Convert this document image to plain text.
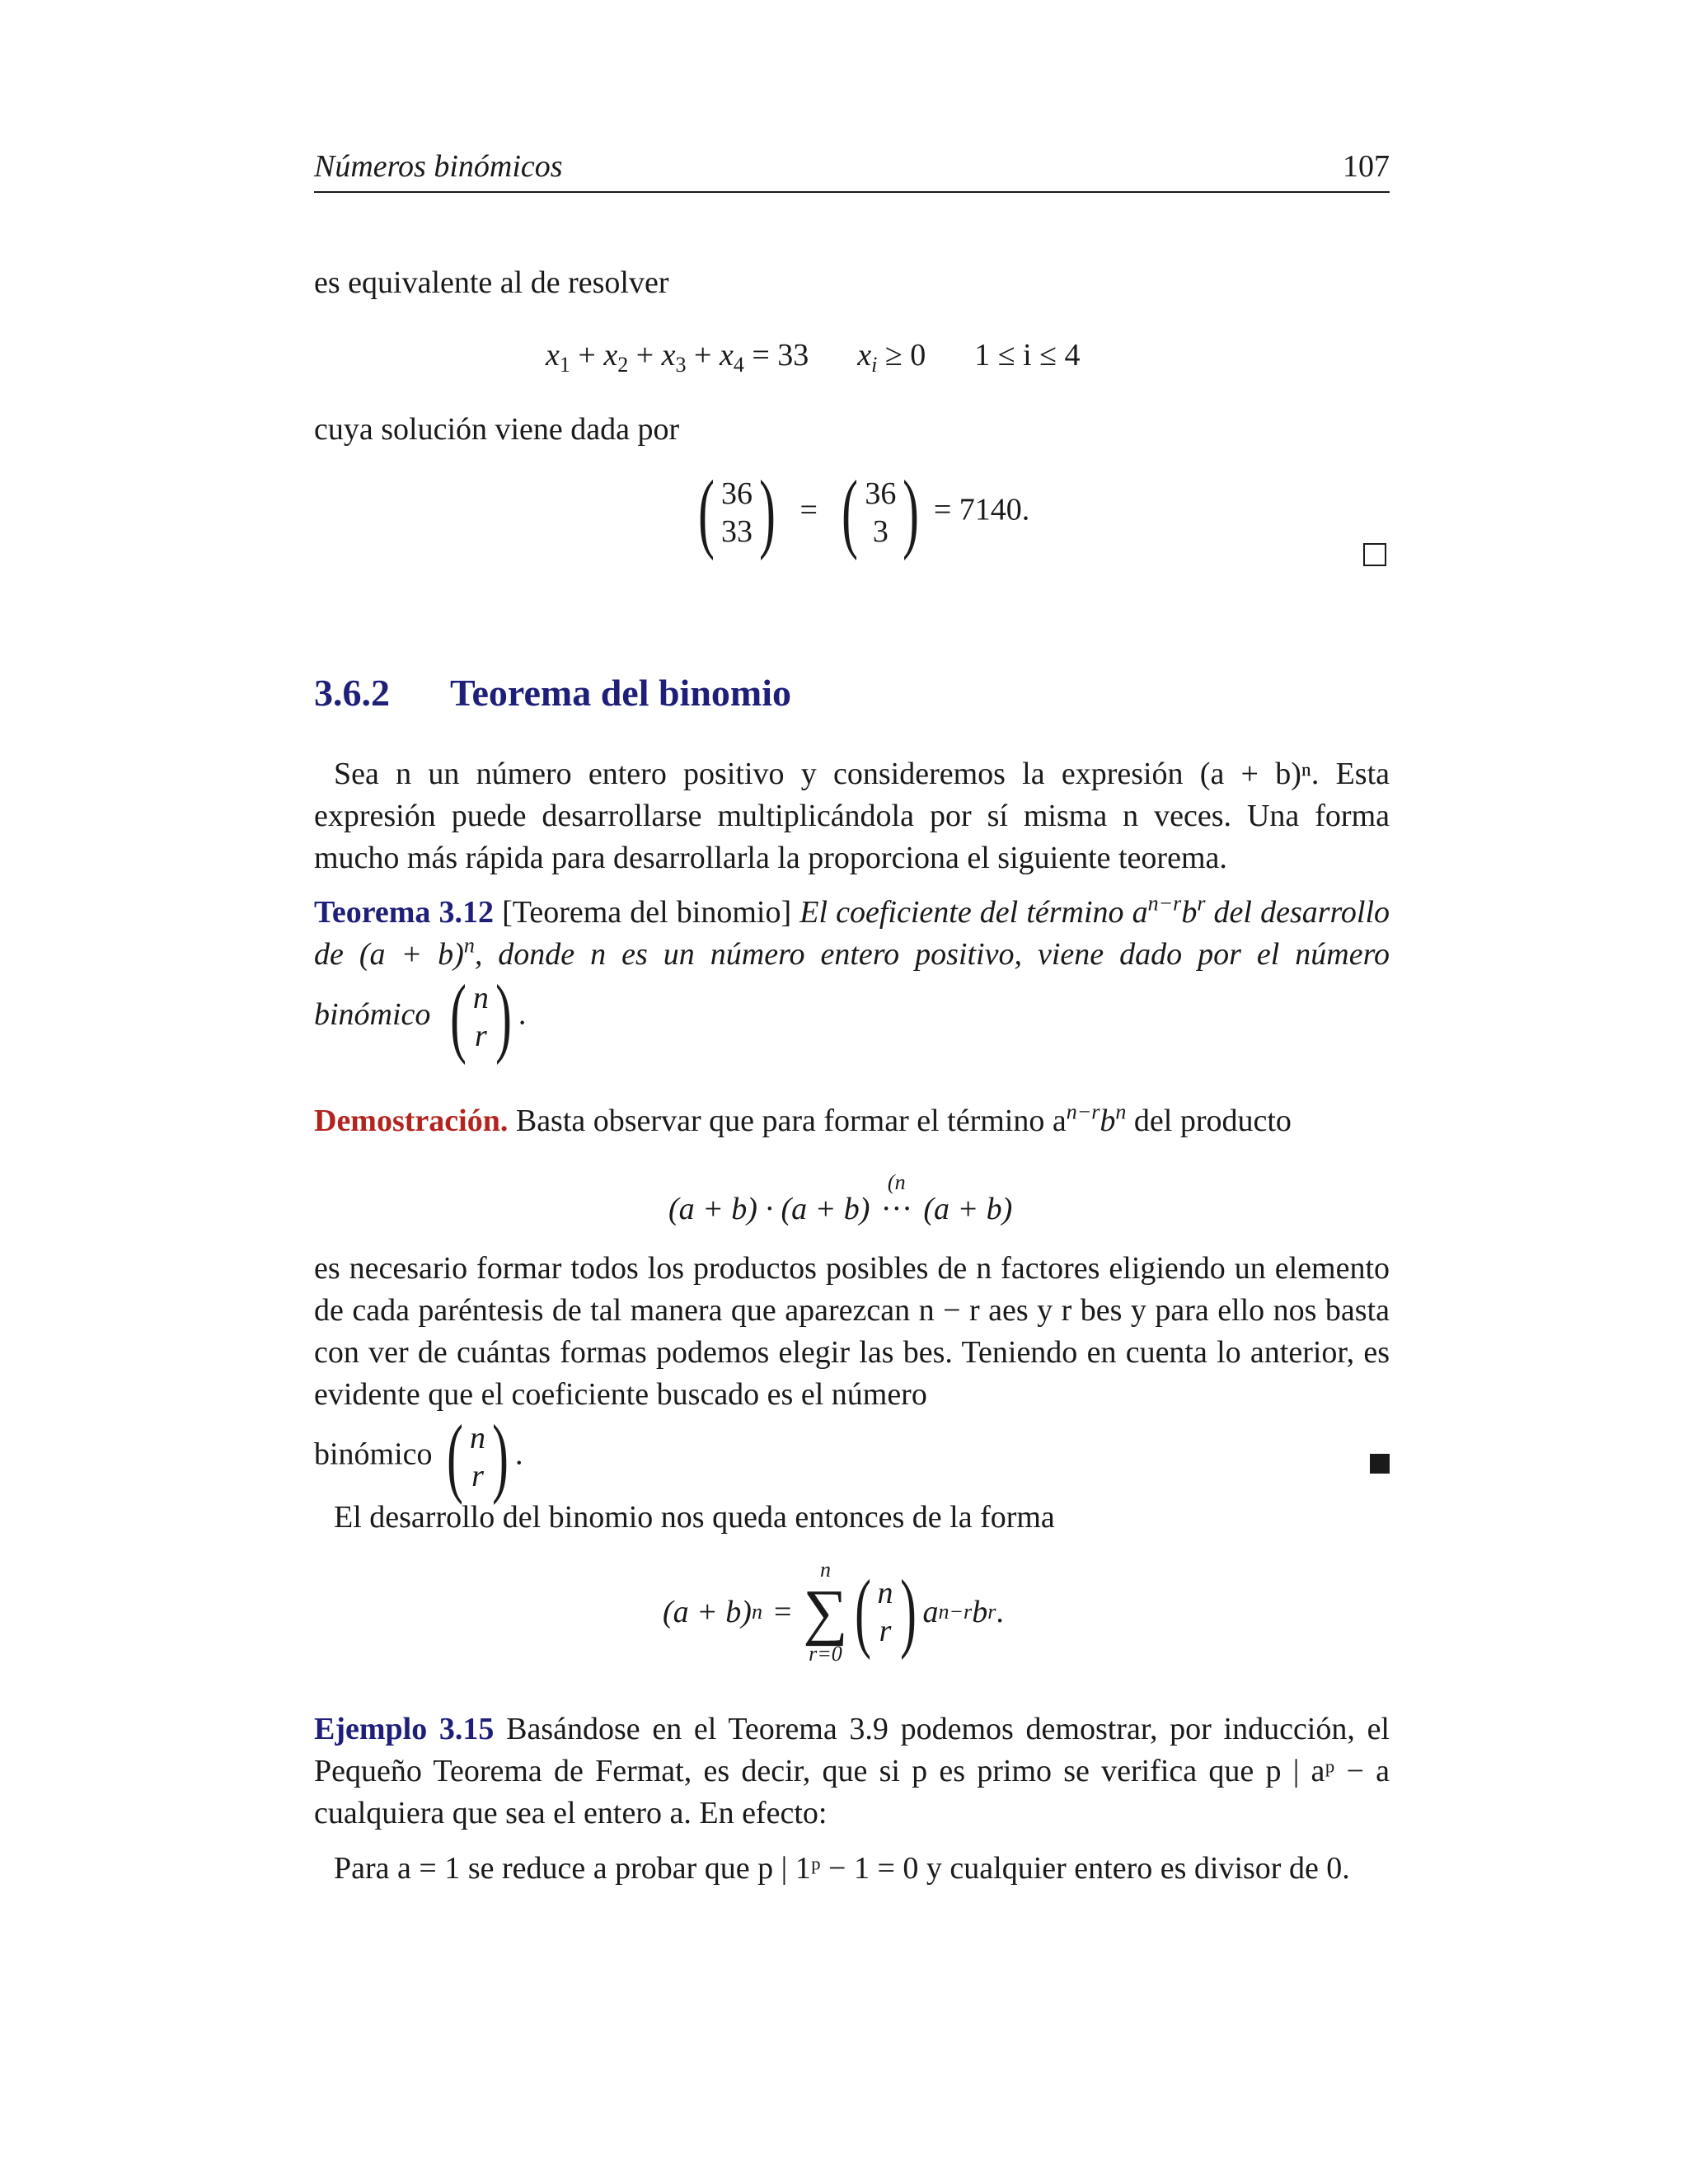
Números binómicos	107
es equivalente al de resolver
$x_1 + x_2 + x_3 + x_4 = 33$ $x_i \ge 0$ 1 ≤ i ≤ 4
cuya solución viene dada por
( 36
33 ) = ( 36
3 ) = 7140.
3.6.2 Teorema del binomio

Sea n un número entero positivo y consideremos la expresión (a + b)ⁿ. Esta expresión puede desarrollarse multiplicándola por sí misma n veces. Una forma mucho más rápida para desarrollarla la proporciona el siguiente teorema.

Teorema 3.12 [Teorema del binomio] El coeficiente del término $a^{n-r}b^r$ del desarrollo de $(a + b)^n$, donde n es un número entero positivo, viene dado por el número binómico ( n
r ) .

Demostración. Basta observar que para formar el término $a^{n-r}b^n$ del producto

(a + b) · (a + b)
(n
··· (a + b)

es necesario formar todos los productos posibles de n factores eligiendo un elemento de cada paréntesis de tal manera que aparezcan n − r aes y r bes y para ello nos basta con ver de cuántas formas podemos elegir las bes. Teniendo en cuenta lo anterior, es evidente que el coeficiente buscado es el número

binómico ( n
r ) .
El desarrollo del binomio nos queda entonces de la forma
(a + b) n =
n
∑
r=0 ( n
r ) a n−r b r .

Ejemplo 3.15 Basándose en el Teorema 3.9 podemos demostrar, por inducción, el Pequeño Teorema de Fermat, es decir, que si p es primo se verifica que p | aᵖ − a cualquiera que sea el entero a. En efecto:

Para a = 1 se reduce a probar que p | 1ᵖ − 1 = 0 y cualquier entero es divisor de 0.
